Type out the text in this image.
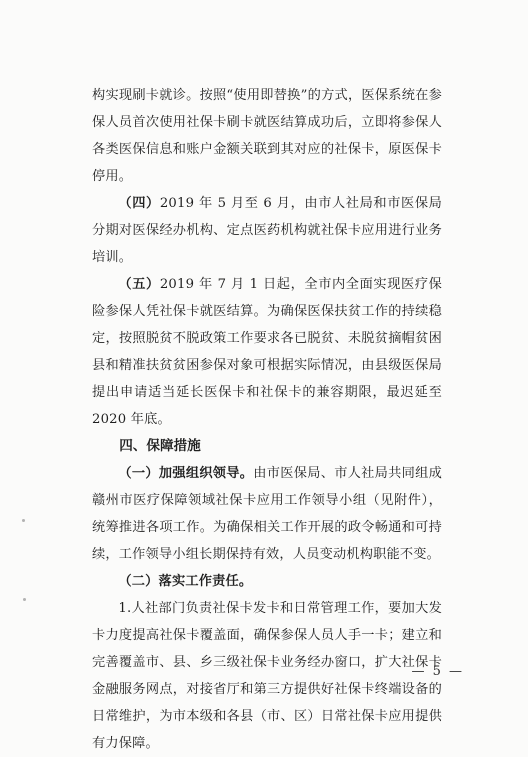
构实现刷卡就诊。按照“使用即替换”的方式，医保系统在参保人员首次使用社保卡刷卡就医结算成功后，立即将参保人各类医保信息和账户金额关联到其对应的社保卡，原医保卡停用。

（四）2019 年 5 月至 6 月，由市人社局和市医保局分期对医保经办机构、定点医药机构就社保卡应用进行业务培训。

（五）2019 年 7 月 1 日起，全市内全面实现医疗保险参保人凭社保卡就医结算。为确保医保扶贫工作的持续稳定，按照脱贫不脱政策工作要求各已脱贫、未脱贫摘帽贫困县和精准扶贫贫困参保对象可根据实际情况，由县级医保局提出申请适当延长医保卡和社保卡的兼容期限，最迟延至 2020 年底。

四、保障措施

（一）加强组织领导。由市医保局、市人社局共同组成赣州市医疗保障领域社保卡应用工作领导小组（见附件），统筹推进各项工作。为确保相关工作开展的政令畅通和可持续，工作领导小组长期保持有效，人员变动机构职能不变。

（二）落实工作责任。

1.人社部门负责社保卡发卡和日常管理工作，要加大发卡力度提高社保卡覆盖面，确保参保人员人手一卡；建立和完善覆盖市、县、乡三级社保卡业务经办窗口，扩大社保卡金融服务网点，对接省厅和第三方提供好社保卡终端设备的日常维护，为市本级和各县（市、区）日常社保卡应用提供有力保障。

— 5 —
